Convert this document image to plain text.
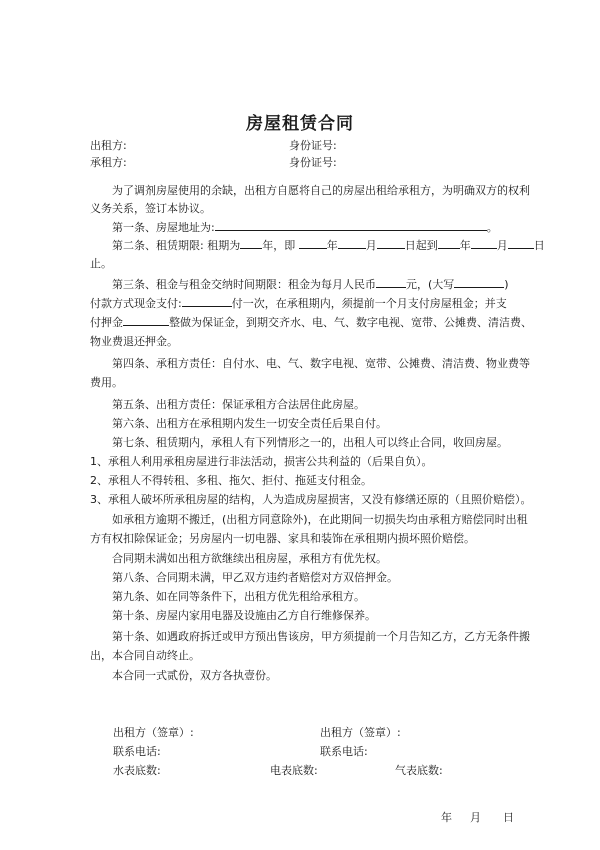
房屋租赁合同
出租方:	身份证号:
承租方:	身份证号:
为了调剂房屋使用的余缺，出租方自愿将自己的房屋出租给承租方，为明确双方的权利
义务关系，签订本协议。
第一条、房屋地址为:	。
第二条、租赁期限: 租期为 年，即	年	月	日起到 年 月 日
止。
第三条、租金与租金交纳时间期限：租金为每月人民币	元，(大写	)
付款方式现金支付:	付一次，在承租期内，须提前一个月支付房屋租金；并支
付押金	整做为保证金，到期交齐水、电、气、数字电视、宽带、公摊费、清洁费、
物业费退还押金。
第四条、承租方责任：自付水、电、气、数字电视、宽带、公摊费、清洁费、物业费等
费用。
第五条、出租方责任：保证承租方合法居住此房屋。
第六条、出租方在承租期内发生一切安全责任后果自付。
第七条、租赁期内，承租人有下列情形之一的，出租人可以终止合同，收回房屋。
1、承租人利用承租房屋进行非法活动，损害公共利益的（后果自负）。
2、承租人不得转租、多租、拖欠、拒付、拖延支付租金。
3、承租人破坏所承租房屋的结构，人为造成房屋损害，又没有修缮还原的（且照价赔偿）。
如承租方逾期不搬迁，(出租方同意除外)，在此期间一切损失均由承租方赔偿同时出租
方有权扣除保证金；另房屋内一切电器、家具和装饰在承租期内损坏照价赔偿。
合同期未满如出租方欲继续出租房屋，承租方有优先权。
第八条、合同期未满，甲乙双方违约者赔偿对方双倍押金。
第九条、如在同等条件下，出租方优先租给承租方。
第十条、房屋内家用电器及设施由乙方自行维修保养。
第十条、如遇政府拆迁或甲方预出售该房，甲方须提前一个月告知乙方，乙方无条件搬
出，本合同自动终止。
本合同一式贰份，双方各执壹份。
出租方（签章）:	出租方（签章）:
联系电话:	联系电话:
水表底数:	电表底数:	气表底数:
年 月 日
